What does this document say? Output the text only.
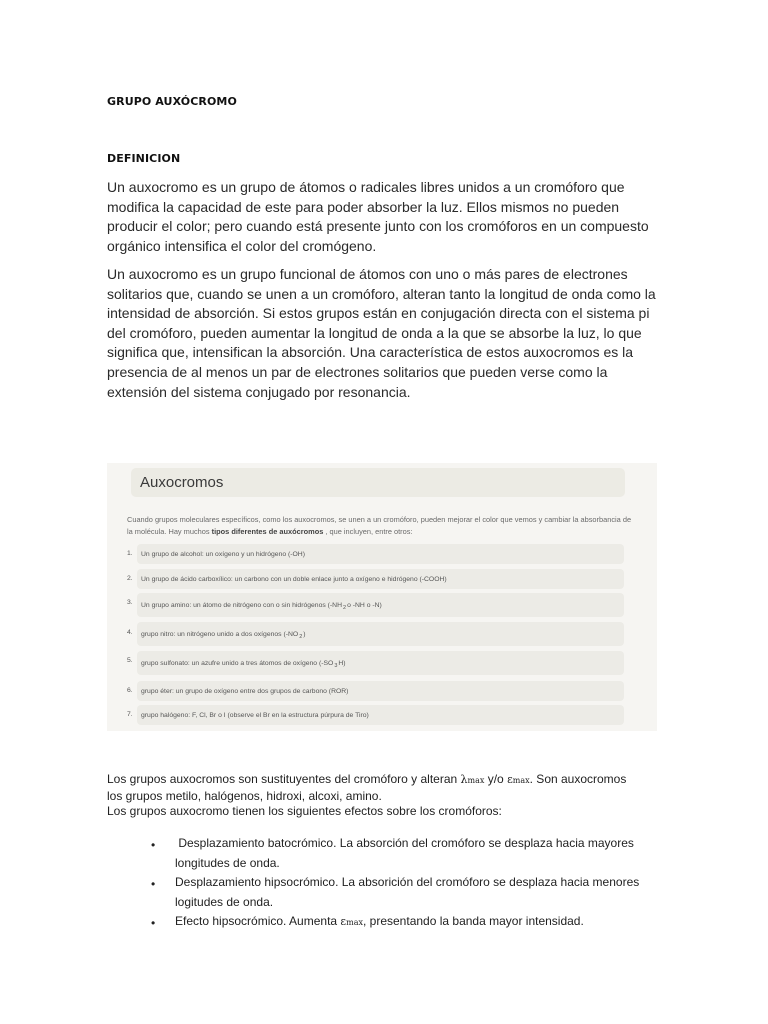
GRUPO AUXÓCROMO
DEFINICION
Un auxocromo es un grupo de átomos o radicales libres unidos a un cromóforo que modifica la capacidad de este para poder absorber la luz. Ellos mismos no pueden producir el color; pero cuando está presente junto con los cromóforos en un compuesto orgánico intensifica el color del cromógeno.
Un auxocromo es un grupo funcional de átomos con uno o más pares de electrones solitarios que, cuando se unen a un cromóforo, alteran tanto la longitud de onda como la intensidad de absorción. Si estos grupos están en conjugación directa con el sistema pi del cromóforo, pueden aumentar la longitud de onda a la que se absorbe la luz, lo que significa que, intensifican la absorción. Una característica de estos auxocromos es la presencia de al menos un par de electrones solitarios que pueden verse como la extensión del sistema conjugado por resonancia.
Auxocromos
Cuando grupos moleculares específicos, como los auxocromos, se unen a un cromóforo, pueden mejorar el color que vemos y cambiar la absorbancia de la molécula. Hay muchos tipos diferentes de auxócromos , que incluyen, entre otros:
1. Un grupo de alcohol: un oxígeno y un hidrógeno (-OH)
2. Un grupo de ácido carboxílico: un carbono con un doble enlace junto a oxígeno e hidrógeno (-COOH)
3. Un grupo amino: un átomo de nitrógeno con o sin hidrógenos (-NH 2 o -NH o -N)
4. grupo nitro: un nitrógeno unido a dos oxígenos (-NO 2 )
5. grupo sulfonato: un azufre unido a tres átomos de oxígeno (-SO 3 H)
6. grupo éter: un grupo de oxígeno entre dos grupos de carbono (ROR)
7. grupo halógeno: F, Cl, Br o I (observe el Br en la estructura púrpura de Tiro)
Los grupos auxocromos son sustituyentes del cromóforo y alteran λmax y/o εmax. Son auxocromos
los grupos metilo, halógenos, hidroxi, alcoxi, amino.
Los grupos auxocromo tienen los siguientes efectos sobre los cromóforos:
• Desplazamiento batocrómico. La absorción del cromóforo se desplaza hacia mayores
longitudes de onda.
• Desplazamiento hipsocrómico. La absorición del cromóforo se desplaza hacia menores
logitudes de onda.
• Efecto hipsocrómico. Aumenta εmax, presentando la banda mayor intensidad.
